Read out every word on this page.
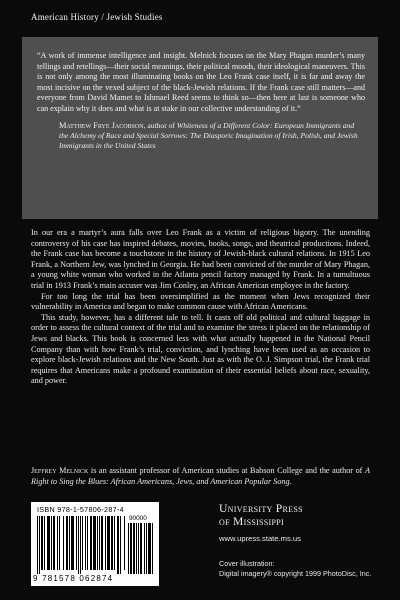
American History / Jewish Studies

“A work of immense intelligence and insight. Melnick focuses on the Mary Phagan murder’s many tellings and retellings—their social meanings, their political moods, their ideological maneuvers. This is not only among the most illuminating books on the Leo Frank case itself, it is far and away the most incisive on the vexed subject of the black-Jewish relations. If the Frank case still matters—and everyone from David Mamet to Ishmael Reed seems to think so—then here at last is someone who can explain why it does and what is at stake in our collective understanding of it.”

Matthew Frye Jacobson, author of Whiteness of a Different Color: European Immigrants and the Alchemy of Race and Special Sorrows: The Diasporic Imagination of Irish, Polish, and Jewish Immigrants in the United States

In our era a martyr’s aura falls over Leo Frank as a victim of religious bigotry. The unending controversy of his case has inspired debates, movies, books, songs, and theatrical productions. Indeed, the Frank case has become a touchstone in the history of Jewish-black cultural relations. In 1915 Leo Frank, a Northern Jew, was lynched in Georgia. He had been convicted of the murder of Mary Phagan, a young white woman who worked in the Atlanta pencil factory managed by Frank. In a tumultuous trial in 1913 Frank’s main accuser was Jim Conley, an African American employee in the factory.

For too long the trial has been oversimplified as the moment when Jews recognized their vulnerability in America and began to make common cause with African Americans.

This study, however, has a different tale to tell. It casts off old political and cultural baggage in order to assess the cultural context of the trial and to examine the stress it placed on the relationship of Jews and blacks. This book is concerned less with what actually happened in the National Pencil Company than with how Frank’s trial, conviction, and lynching have been used as an occasion to explore black-Jewish relations and the New South. Just as with the O. J. Simpson trial, the Frank trial requires that Americans make a profound examination of their essential beliefs about race, sexuality, and power.

Jeffrey Melnick is an assistant professor of American studies at Babson College and the author of A Right to Sing the Blues: African Americans, Jews, and American Popular Song.

ISBN 978-1-57806-287-4
90000
9 781578 062874
University Press
of Mississippi
www.upress.state.ms.us
Cover illustration:
Digital imagery® copyright 1999 PhotoDisc, Inc.
